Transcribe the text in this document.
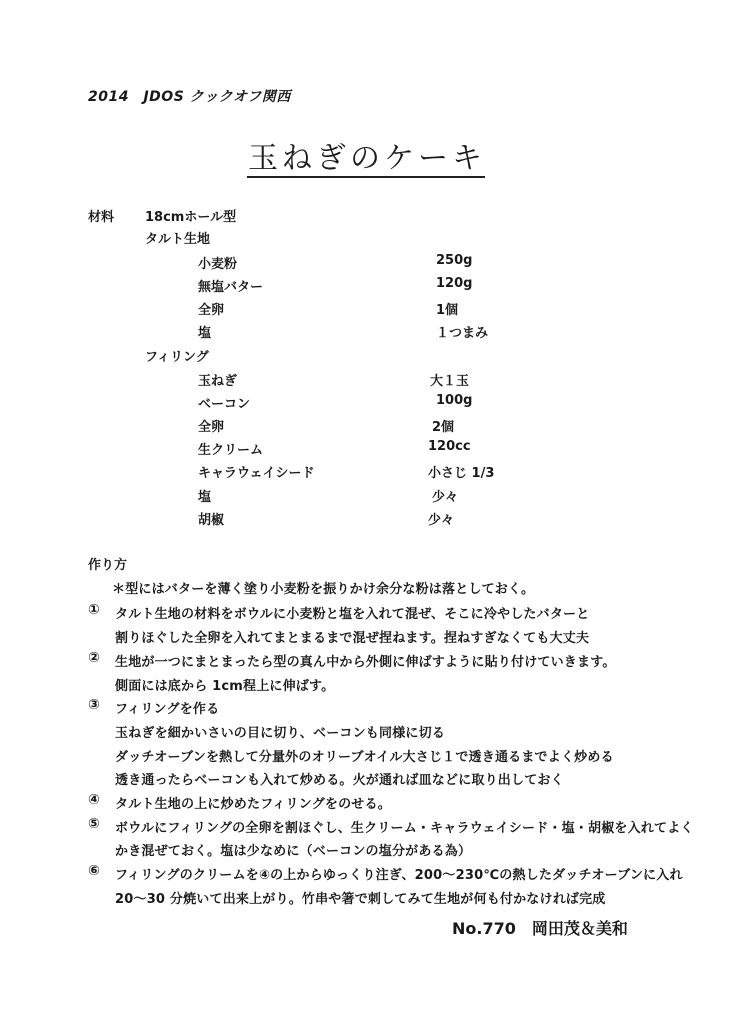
2014　JDOS クックオフ関西
玉ねぎのケーキ
材料 18cmホール型
タルト生地
小麦粉	250g
無塩バター	120g
全卵	1個
塩	１つまみ
フィリング
玉ねぎ	大１玉
ベーコン	100g
全卵	2個
生クリーム	120cc
キャラウェイシード	小さじ 1/3
塩	少々
胡椒	少々
作り方
＊型にはバターを薄く塗り小麦粉を振りかけ余分な粉は落としておく。
① タルト生地の材料をボウルに小麦粉と塩を入れて混ぜ、そこに冷やしたバターと
割りほぐした全卵を入れてまとまるまで混ぜ捏ねます。捏ねすぎなくても大丈夫
② 生地が一つにまとまったら型の真ん中から外側に伸ばすように貼り付けていきます。
側面には底から 1cm程上に伸ばす。
③ フィリングを作る
玉ねぎを細かいさいの目に切り、ベーコンも同様に切る
ダッチオーブンを熱して分量外のオリーブオイル大さじ１で透き通るまでよく炒める
透き通ったらベーコンも入れて炒める。火が通れば皿などに取り出しておく
④ タルト生地の上に炒めたフィリングをのせる。
⑤ ボウルにフィリングの全卵を割ほぐし、生クリーム・キャラウェイシード・塩・胡椒を入れてよく
かき混ぜておく。塩は少なめに（ベーコンの塩分がある為）
⑥ フィリングのクリームを④の上からゆっくり注ぎ、200～230℃の熱したダッチオーブンに入れ
20～30 分焼いて出来上がり。竹串や箸で刺してみて生地が何も付かなければ完成
No.770　岡田茂＆美和
